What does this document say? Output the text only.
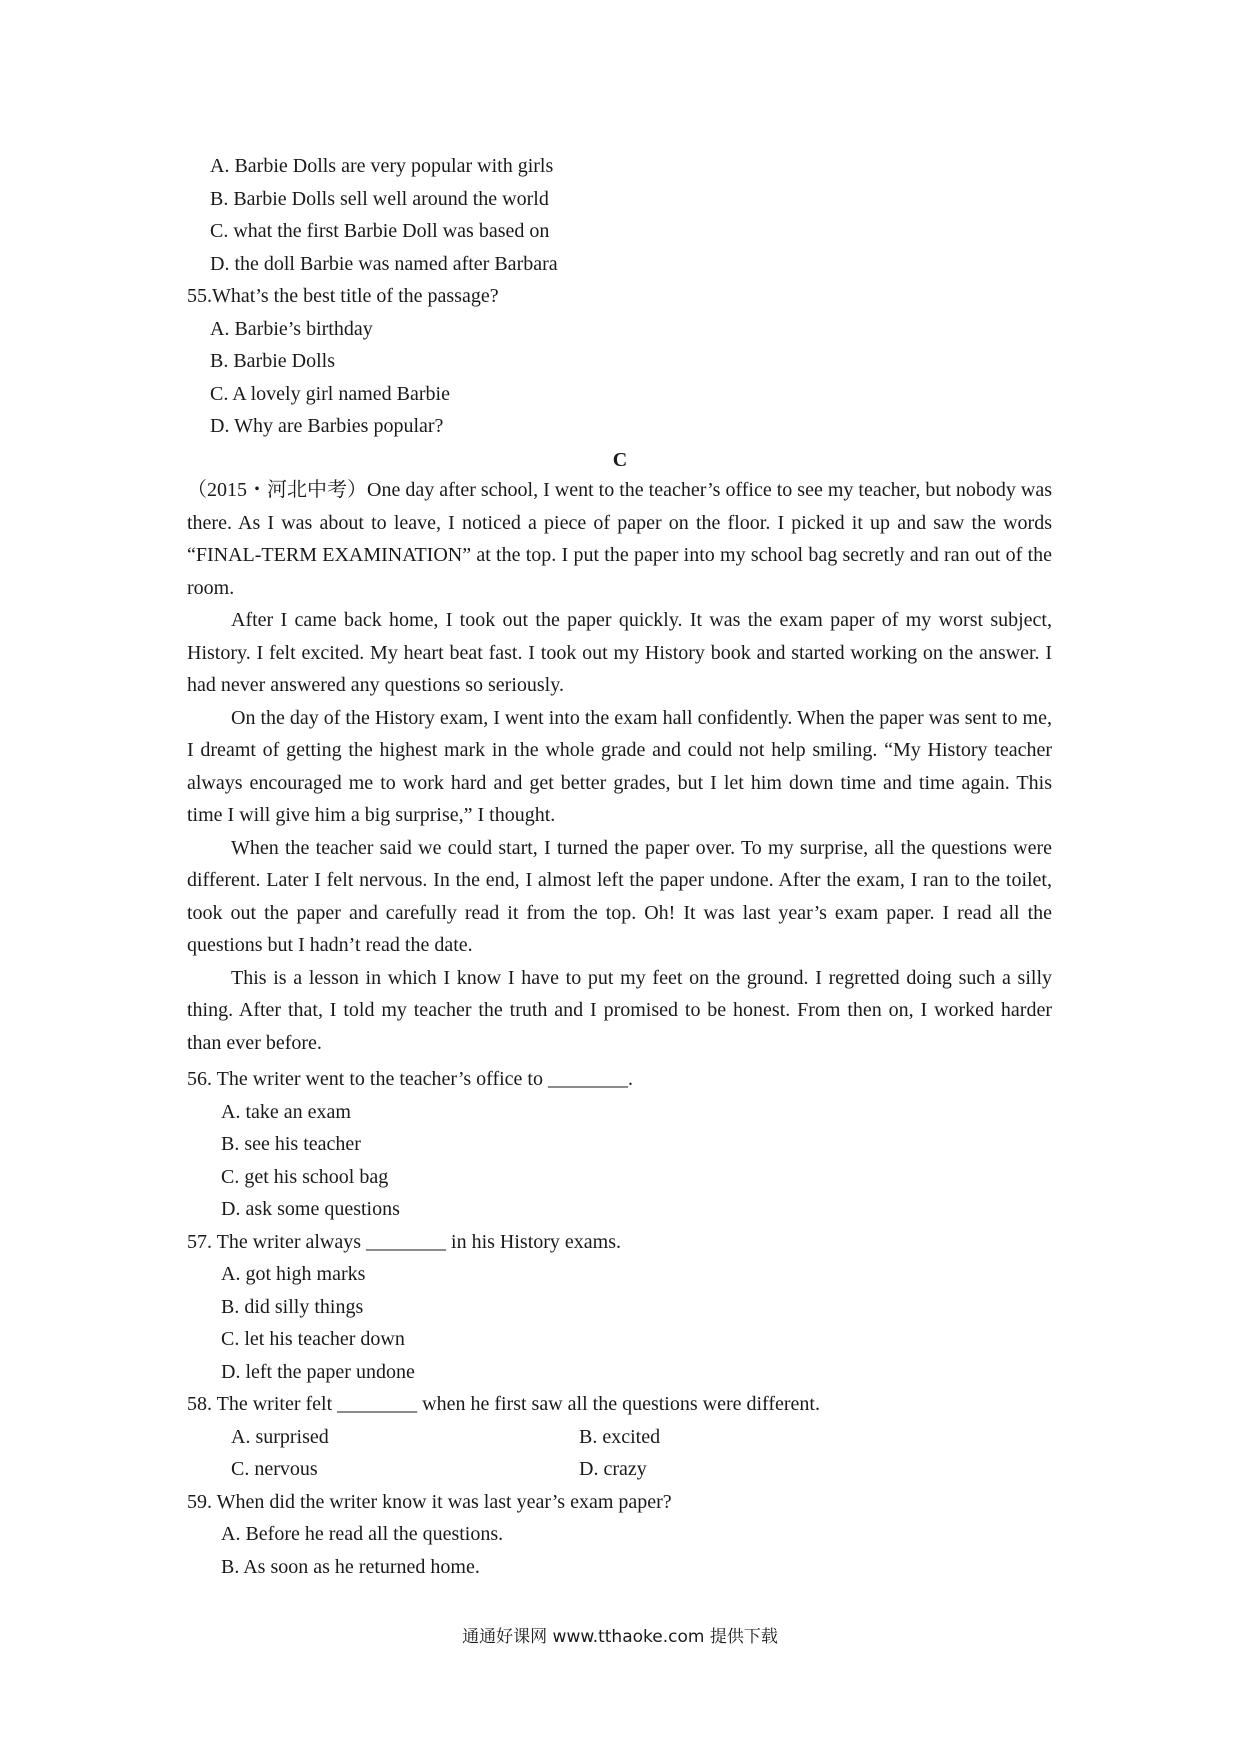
A. Barbie Dolls are very popular with girls
B. Barbie Dolls sell well around the world
C. what the first Barbie Doll was based on
D. the doll Barbie was named after Barbara
55.What’s the best title of the passage?
A. Barbie’s birthday
B. Barbie Dolls
C. A lovely girl named Barbie
D. Why are Barbies popular?
C

（2015・河北中考）One day after school, I went to the teacher’s office to see my teacher, but nobody was there. As I was about to leave, I noticed a piece of paper on the floor. I picked it up and saw the words “FINAL-TERM EXAMINATION” at the top. I put the paper into my school bag secretly and ran out of the room.

After I came back home, I took out the paper quickly. It was the exam paper of my worst subject, History. I felt excited. My heart beat fast. I took out my History book and started working on the answer. I had never answered any questions so seriously.

On the day of the History exam, I went into the exam hall confidently. When the paper was sent to me, I dreamt of getting the highest mark in the whole grade and could not help smiling. “My History teacher always encouraged me to work hard and get better grades, but I let him down time and time again. This time I will give him a big surprise,” I thought.

When the teacher said we could start, I turned the paper over. To my surprise, all the questions were different. Later I felt nervous. In the end, I almost left the paper undone. After the exam, I ran to the toilet, took out the paper and carefully read it from the top. Oh! It was last year’s exam paper. I read all the questions but I hadn’t read the date.

This is a lesson in which I know I have to put my feet on the ground. I regretted doing such a silly thing. After that, I told my teacher the truth and I promised to be honest. From then on, I worked harder than ever before.

56. The writer went to the teacher’s office to ________.
A. take an exam
B. see his teacher
C. get his school bag
D. ask some questions
57. The writer always ________ in his History exams.
A. got high marks
B. did silly things
C. let his teacher down
D. left the paper undone
58. The writer felt ________ when he first saw all the questions were different.
A. surprised	B. excited
C. nervous	D. crazy
59. When did the writer know it was last year’s exam paper?
A. Before he read all the questions.
B. As soon as he returned home.
通通好课网 www.tthaoke.com 提供下载
